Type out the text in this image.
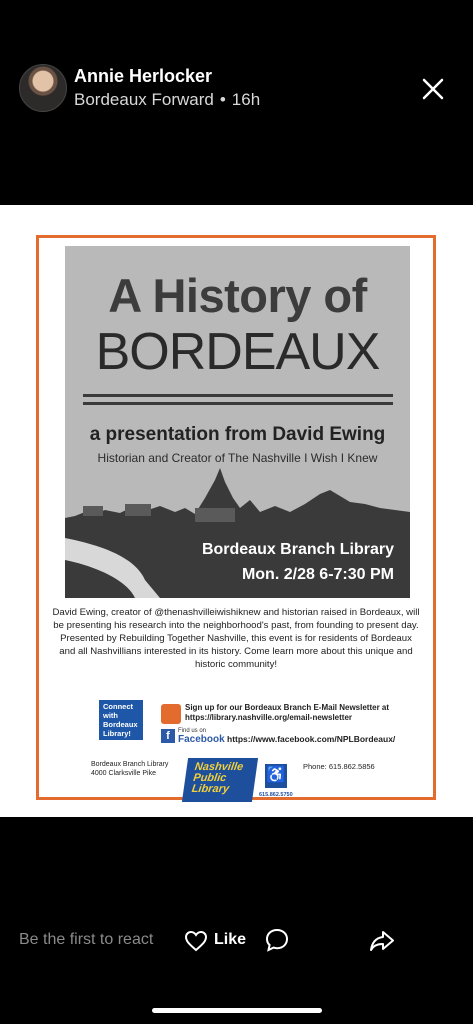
Annie Herlocker
Bordeaux Forward • 16h
A History of
BORDEAUX
a presentation from David Ewing
Historian and Creator of The Nashville I Wish I Knew
Bordeaux Branch Library
Mon. 2/28 6-7:30 PM
David Ewing, creator of @thenashvilleiwishiknew and historian raised in Bordeaux, will be presenting his research into the neighborhood's past, from founding to present day. Presented by Rebuilding Together Nashville, this event is for residents of Bordeaux and all Nashvillians interested in its history. Come learn more about this unique and historic community!
Connect with Bordeaux Library!
Sign up for our Bordeaux Branch E-Mail Newsletter at
https://library.nashville.org/email-newsletter
f	Find us on
Facebook https://www.facebook.com/NPLBordeaux/
Bordeaux Branch Library
4000 Clarksville Pike
Nashville
Public
Library
♿
615.862.5750
Phone: 615.862.5856
Be the first to react	Like
